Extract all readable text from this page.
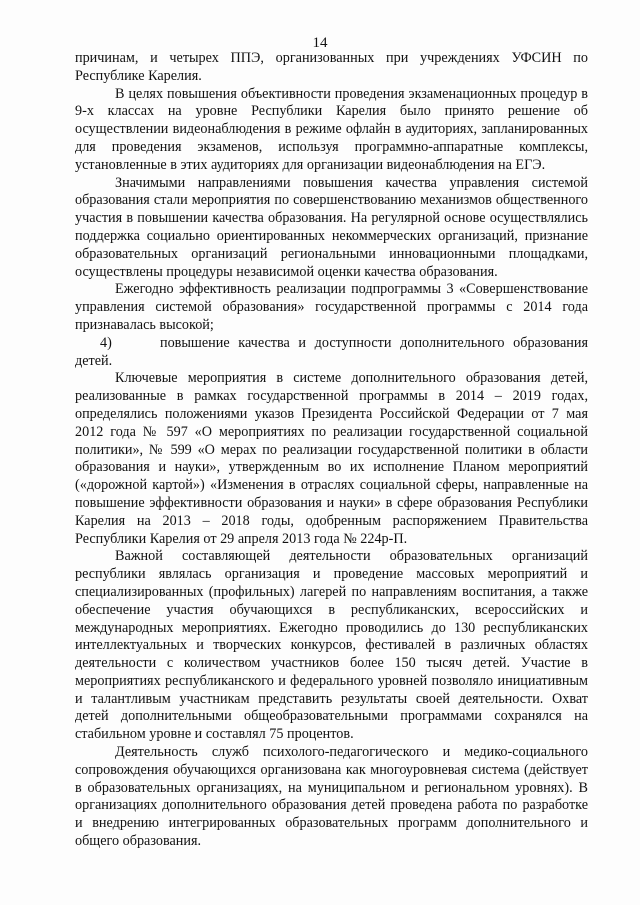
14

причинам, и четырех ППЭ, организованных при учреждениях УФСИН по Республике Карелия.

В целях повышения объективности проведения экзаменационных процедур в 9-х классах на уровне Республики Карелия было принято решение об осуществлении видеонаблюдения в режиме офлайн в аудиториях, запланированных для проведения экзаменов, используя программно-аппаратные комплексы, установленные в этих аудиториях для организации видеонаблюдения на ЕГЭ.

Значимыми направлениями повышения качества управления системой образования стали мероприятия по совершенствованию механизмов общественного участия в повышении качества образования. На регулярной основе осуществлялись поддержка социально ориентированных некоммерческих организаций, признание образовательных организаций региональными инновационными площадками, осуществлены процедуры независимой оценки качества образования.

Ежегодно эффективность реализации подпрограммы 3 «Совершенствование управления системой образования» государственной программы с 2014 года признавалась высокой;

4)	повышение качества и доступности дополнительного образования детей.

Ключевые мероприятия в системе дополнительного образования детей, реализованные в рамках государственной программы в 2014 – 2019 годах, определялись положениями указов Президента Российской Федерации от 7 мая 2012 года № 597 «О мероприятиях по реализации государственной социальной политики», № 599 «О мерах по реализации государственной политики в области образования и науки», утвержденным во их исполнение Планом мероприятий («дорожной картой») «Изменения в отраслях социальной сферы, направленные на повышение эффективности образования и науки» в сфере образования Республики Карелия на 2013 – 2018 годы, одобренным распоряжением Правительства Республики Карелия от 29 апреля 2013 года № 224р-П.

Важной составляющей деятельности образовательных организаций республики являлась организация и проведение массовых мероприятий и специализированных (профильных) лагерей по направлениям воспитания, а также обеспечение участия обучающихся в республиканских, всероссийских и международных мероприятиях. Ежегодно проводились до 130 республиканских интеллектуальных и творческих конкурсов, фестивалей в различных областях деятельности с количеством участников более 150 тысяч детей. Участие в мероприятиях республиканского и федерального уровней позволяло инициативным и талантливым участникам представить результаты своей деятельности. Охват детей дополнительными общеобразовательными программами сохранялся на стабильном уровне и составлял 75 процентов.

Деятельность служб психолого-педагогического и медико-социального сопровождения обучающихся организована как многоуровневая система (действует в образовательных организациях, на муниципальном и региональном уровнях). В организациях дополнительного образования детей проведена работа по разработке и внедрению интегрированных образовательных программ дополнительного и общего образования.
